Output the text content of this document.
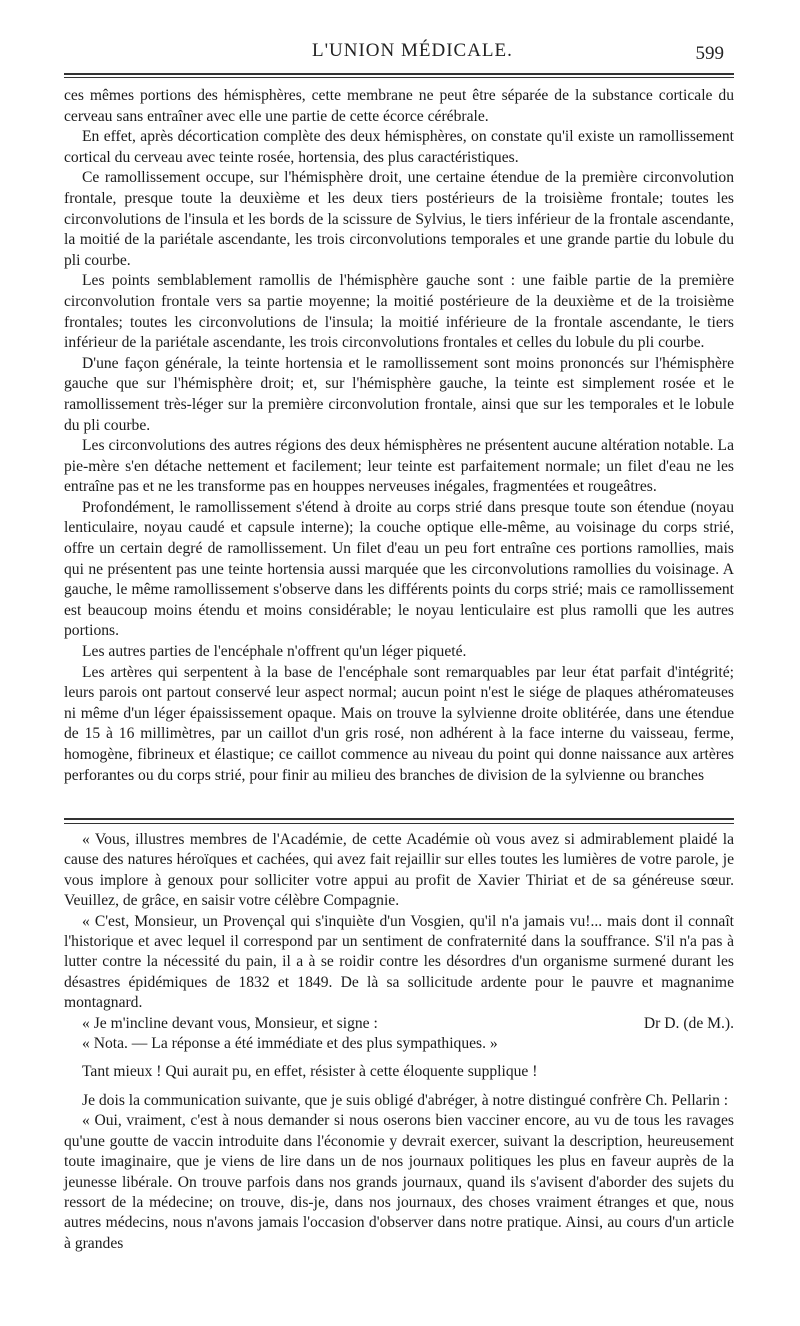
L'UNION MÉDICALE.	599

ces mêmes portions des hémisphères, cette membrane ne peut être séparée de la substance corticale du cerveau sans entraîner avec elle une partie de cette écorce cérébrale.

En effet, après décortication complète des deux hémisphères, on constate qu'il existe un ramollissement cortical du cerveau avec teinte rosée, hortensia, des plus caractéristiques.

Ce ramollissement occupe, sur l'hémisphère droit, une certaine étendue de la première circonvolution frontale, presque toute la deuxième et les deux tiers postérieurs de la troisième frontale; toutes les circonvolutions de l'insula et les bords de la scissure de Sylvius, le tiers inférieur de la frontale ascendante, la moitié de la pariétale ascendante, les trois circonvolutions temporales et une grande partie du lobule du pli courbe.

Les points semblablement ramollis de l'hémisphère gauche sont : une faible partie de la première circonvolution frontale vers sa partie moyenne; la moitié postérieure de la deuxième et de la troisième frontales; toutes les circonvolutions de l'insula; la moitié inférieure de la frontale ascendante, le tiers inférieur de la pariétale ascendante, les trois circonvolutions frontales et celles du lobule du pli courbe.

D'une façon générale, la teinte hortensia et le ramollissement sont moins prononcés sur l'hémisphère gauche que sur l'hémisphère droit; et, sur l'hémisphère gauche, la teinte est simplement rosée et le ramollissement très-léger sur la première circonvolution frontale, ainsi que sur les temporales et le lobule du pli courbe.

Les circonvolutions des autres régions des deux hémisphères ne présentent aucune altération notable. La pie-mère s'en détache nettement et facilement; leur teinte est parfaitement normale; un filet d'eau ne les entraîne pas et ne les transforme pas en houppes nerveuses inégales, fragmentées et rougeâtres.

Profondément, le ramollissement s'étend à droite au corps strié dans presque toute son étendue (noyau lenticulaire, noyau caudé et capsule interne); la couche optique elle-même, au voisinage du corps strié, offre un certain degré de ramollissement. Un filet d'eau un peu fort entraîne ces portions ramollies, mais qui ne présentent pas une teinte hortensia aussi marquée que les circonvolutions ramollies du voisinage. A gauche, le même ramollissement s'observe dans les différents points du corps strié; mais ce ramollissement est beaucoup moins étendu et moins considérable; le noyau lenticulaire est plus ramolli que les autres portions.

Les autres parties de l'encéphale n'offrent qu'un léger piqueté.

Les artères qui serpentent à la base de l'encéphale sont remarquables par leur état parfait d'intégrité; leurs parois ont partout conservé leur aspect normal; aucun point n'est le siége de plaques athéromateuses ni même d'un léger épaississement opaque. Mais on trouve la sylvienne droite oblitérée, dans une étendue de 15 à 16 millimètres, par un caillot d'un gris rosé, non adhérent à la face interne du vaisseau, ferme, homogène, fibrineux et élastique; ce caillot commence au niveau du point qui donne naissance aux artères perforantes ou du corps strié, pour finir au milieu des branches de division de la sylvienne ou branches

« Vous, illustres membres de l'Académie, de cette Académie où vous avez si admirablement plaidé la cause des natures héroïques et cachées, qui avez fait rejaillir sur elles toutes les lumières de votre parole, je vous implore à genoux pour solliciter votre appui au profit de Xavier Thiriat et de sa généreuse sœur. Veuillez, de grâce, en saisir votre célèbre Compagnie.

« C'est, Monsieur, un Provençal qui s'inquiète d'un Vosgien, qu'il n'a jamais vu!... mais dont il connaît l'historique et avec lequel il correspond par un sentiment de confraternité dans la souffrance. S'il n'a pas à lutter contre la nécessité du pain, il a à se roidir contre les désordres d'un organisme surmené durant les désastres épidémiques de 1832 et 1849. De là sa sollicitude ardente pour le pauvre et magnanime montagnard.

« Je m'incline devant vous, Monsieur, et signe :	Dr D. (de M.).

« Nota. — La réponse a été immédiate et des plus sympathiques. »

Tant mieux ! Qui aurait pu, en effet, résister à cette éloquente supplique !

Je dois la communication suivante, que je suis obligé d'abréger, à notre distingué confrère Ch. Pellarin :

« Oui, vraiment, c'est à nous demander si nous oserons bien vacciner encore, au vu de tous les ravages qu'une goutte de vaccin introduite dans l'économie y devrait exercer, suivant la description, heureusement toute imaginaire, que je viens de lire dans un de nos journaux politiques les plus en faveur auprès de la jeunesse libérale. On trouve parfois dans nos grands journaux, quand ils s'avisent d'aborder des sujets du ressort de la médecine; on trouve, dis-je, dans nos journaux, des choses vraiment étranges et que, nous autres médecins, nous n'avons jamais l'occasion d'observer dans notre pratique. Ainsi, au cours d'un article à grandes
